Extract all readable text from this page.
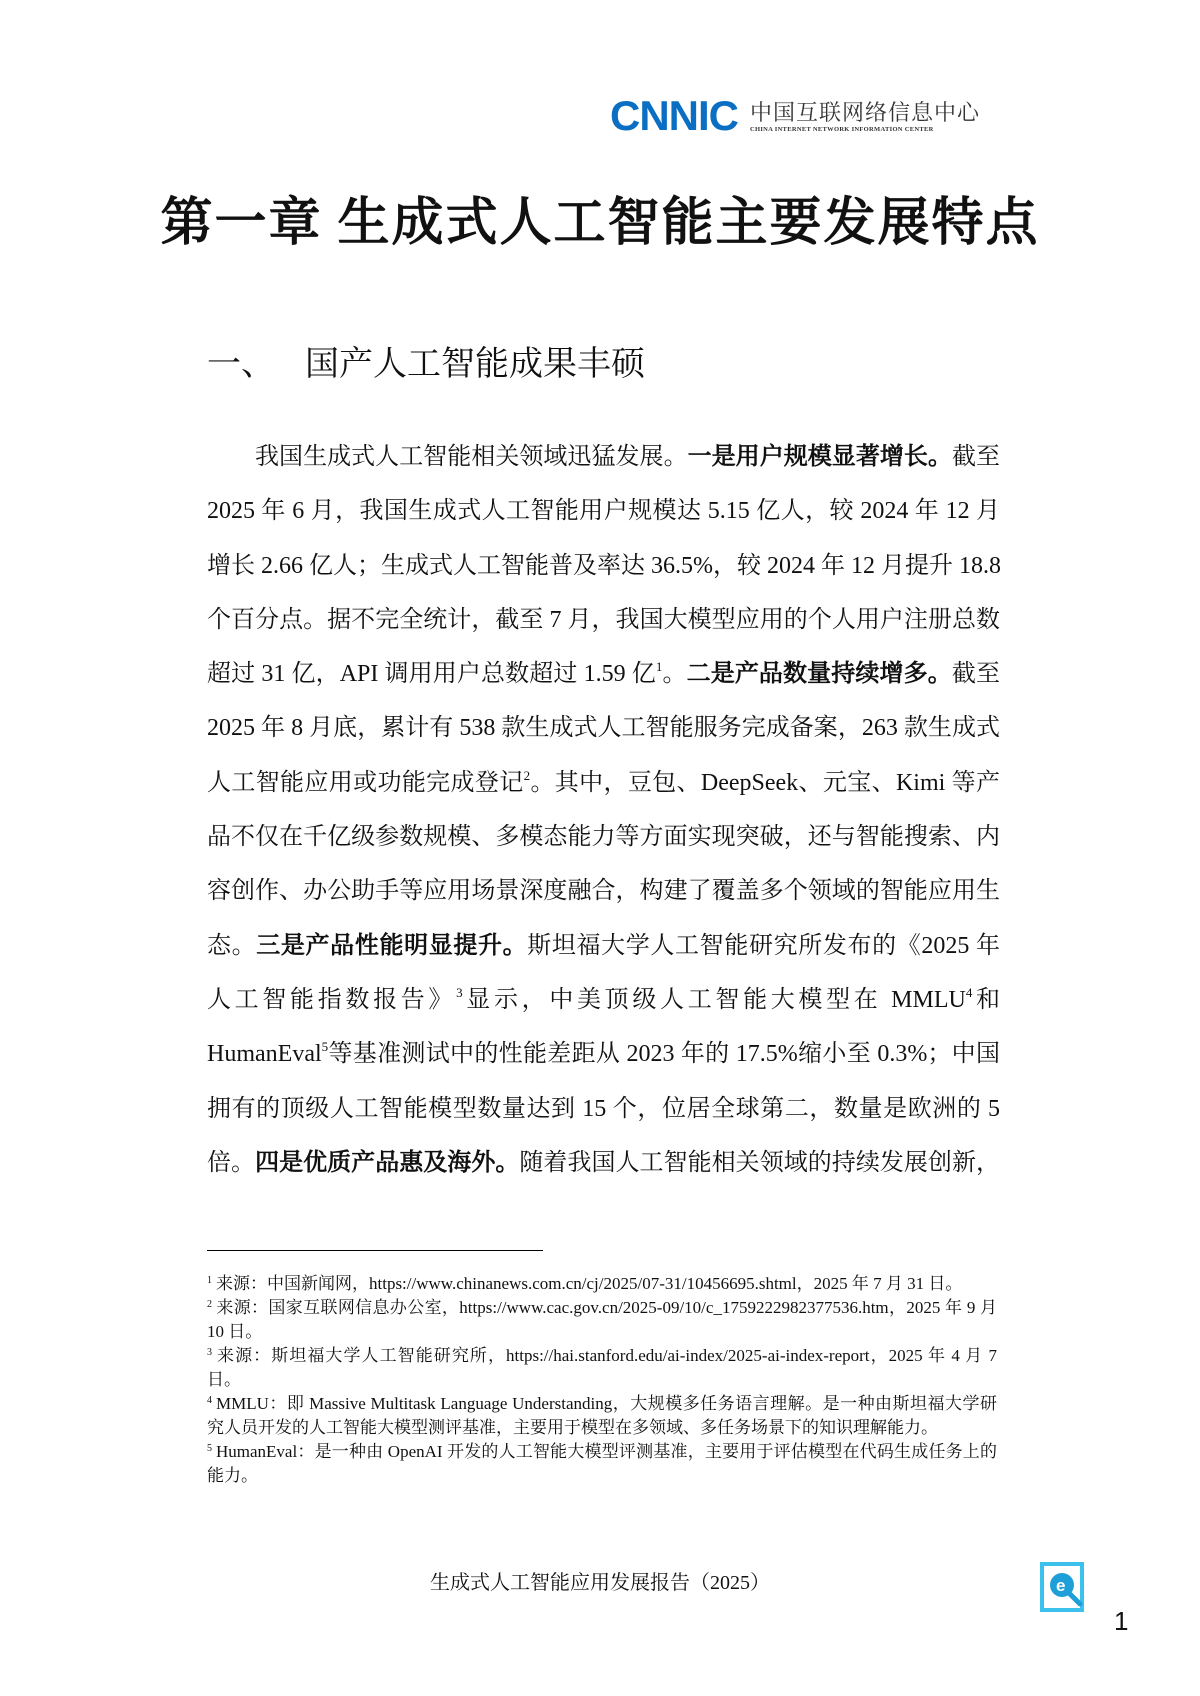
CNNIC 中国互联网络信息中心
CHINA INTERNET NETWORK INFORMATION CENTER
第一章 生成式人工智能主要发展特点
一、 国产人工智能成果丰硕
我国生成式人工智能相关领域迅猛发展。一是用户规模显著增长。截至
2025 年 6 月，我国生成式人工智能用户规模达 5.15 亿人，较 2024 年 12 月
增长 2.66 亿人；生成式人工智能普及率达 36.5%，较 2024 年 12 月提升 18.8
个百分点。据不完全统计，截至 7 月，我国大模型应用的个人用户注册总数
超过 31 亿，API 调用用户总数超过 1.59 亿$^1$。二是产品数量持续增多。截至
2025 年 8 月底，累计有 538 款生成式人工智能服务完成备案，263 款生成式
人工智能应用或功能完成登记$^2$。其中，豆包、DeepSeek、元宝、Kimi 等产
品不仅在千亿级参数规模、多模态能力等方面实现突破，还与智能搜索、内
容创作、办公助手等应用场景深度融合，构建了覆盖多个领域的智能应用生
态。三是产品性能明显提升。斯坦福大学人工智能研究所发布的《2025 年
人工智能指数报告》$^3$显示，中美顶级人工智能大模型在 MMLU$^4$和
HumanEval$^5$等基准测试中的性能差距从 2023 年的 17.5%缩小至 0.3%；中国
拥有的顶级人工智能模型数量达到 15 个，位居全球第二，数量是欧洲的 5
倍。四是优质产品惠及海外。随着我国人工智能相关领域的持续发展创新，

$^1$ 来源：中国新闻网，https://www.chinanews.com.cn/cj/2025/07-31/10456695.shtml，2025 年 7 月 31 日。

$^2$ 来源：国家互联网信息办公室，https://www.cac.gov.cn/2025-09/10/c_1759222982377536.htm，2025 年 9 月 10 日。

$^3$ 来源：斯坦福大学人工智能研究所，https://hai.stanford.edu/ai-index/2025-ai-index-report，2025 年 4 月 7 日。

$^4$ MMLU：即 Massive Multitask Language Understanding，大规模多任务语言理解。是一种由斯坦福大学研究人员开发的人工智能大模型测评基准，主要用于模型在多领域、多任务场景下的知识理解能力。

$^5$ HumanEval：是一种由 OpenAI 开发的人工智能大模型评测基准，主要用于评估模型在代码生成任务上的能力。

生成式人工智能应用发展报告（2025）	e
1
